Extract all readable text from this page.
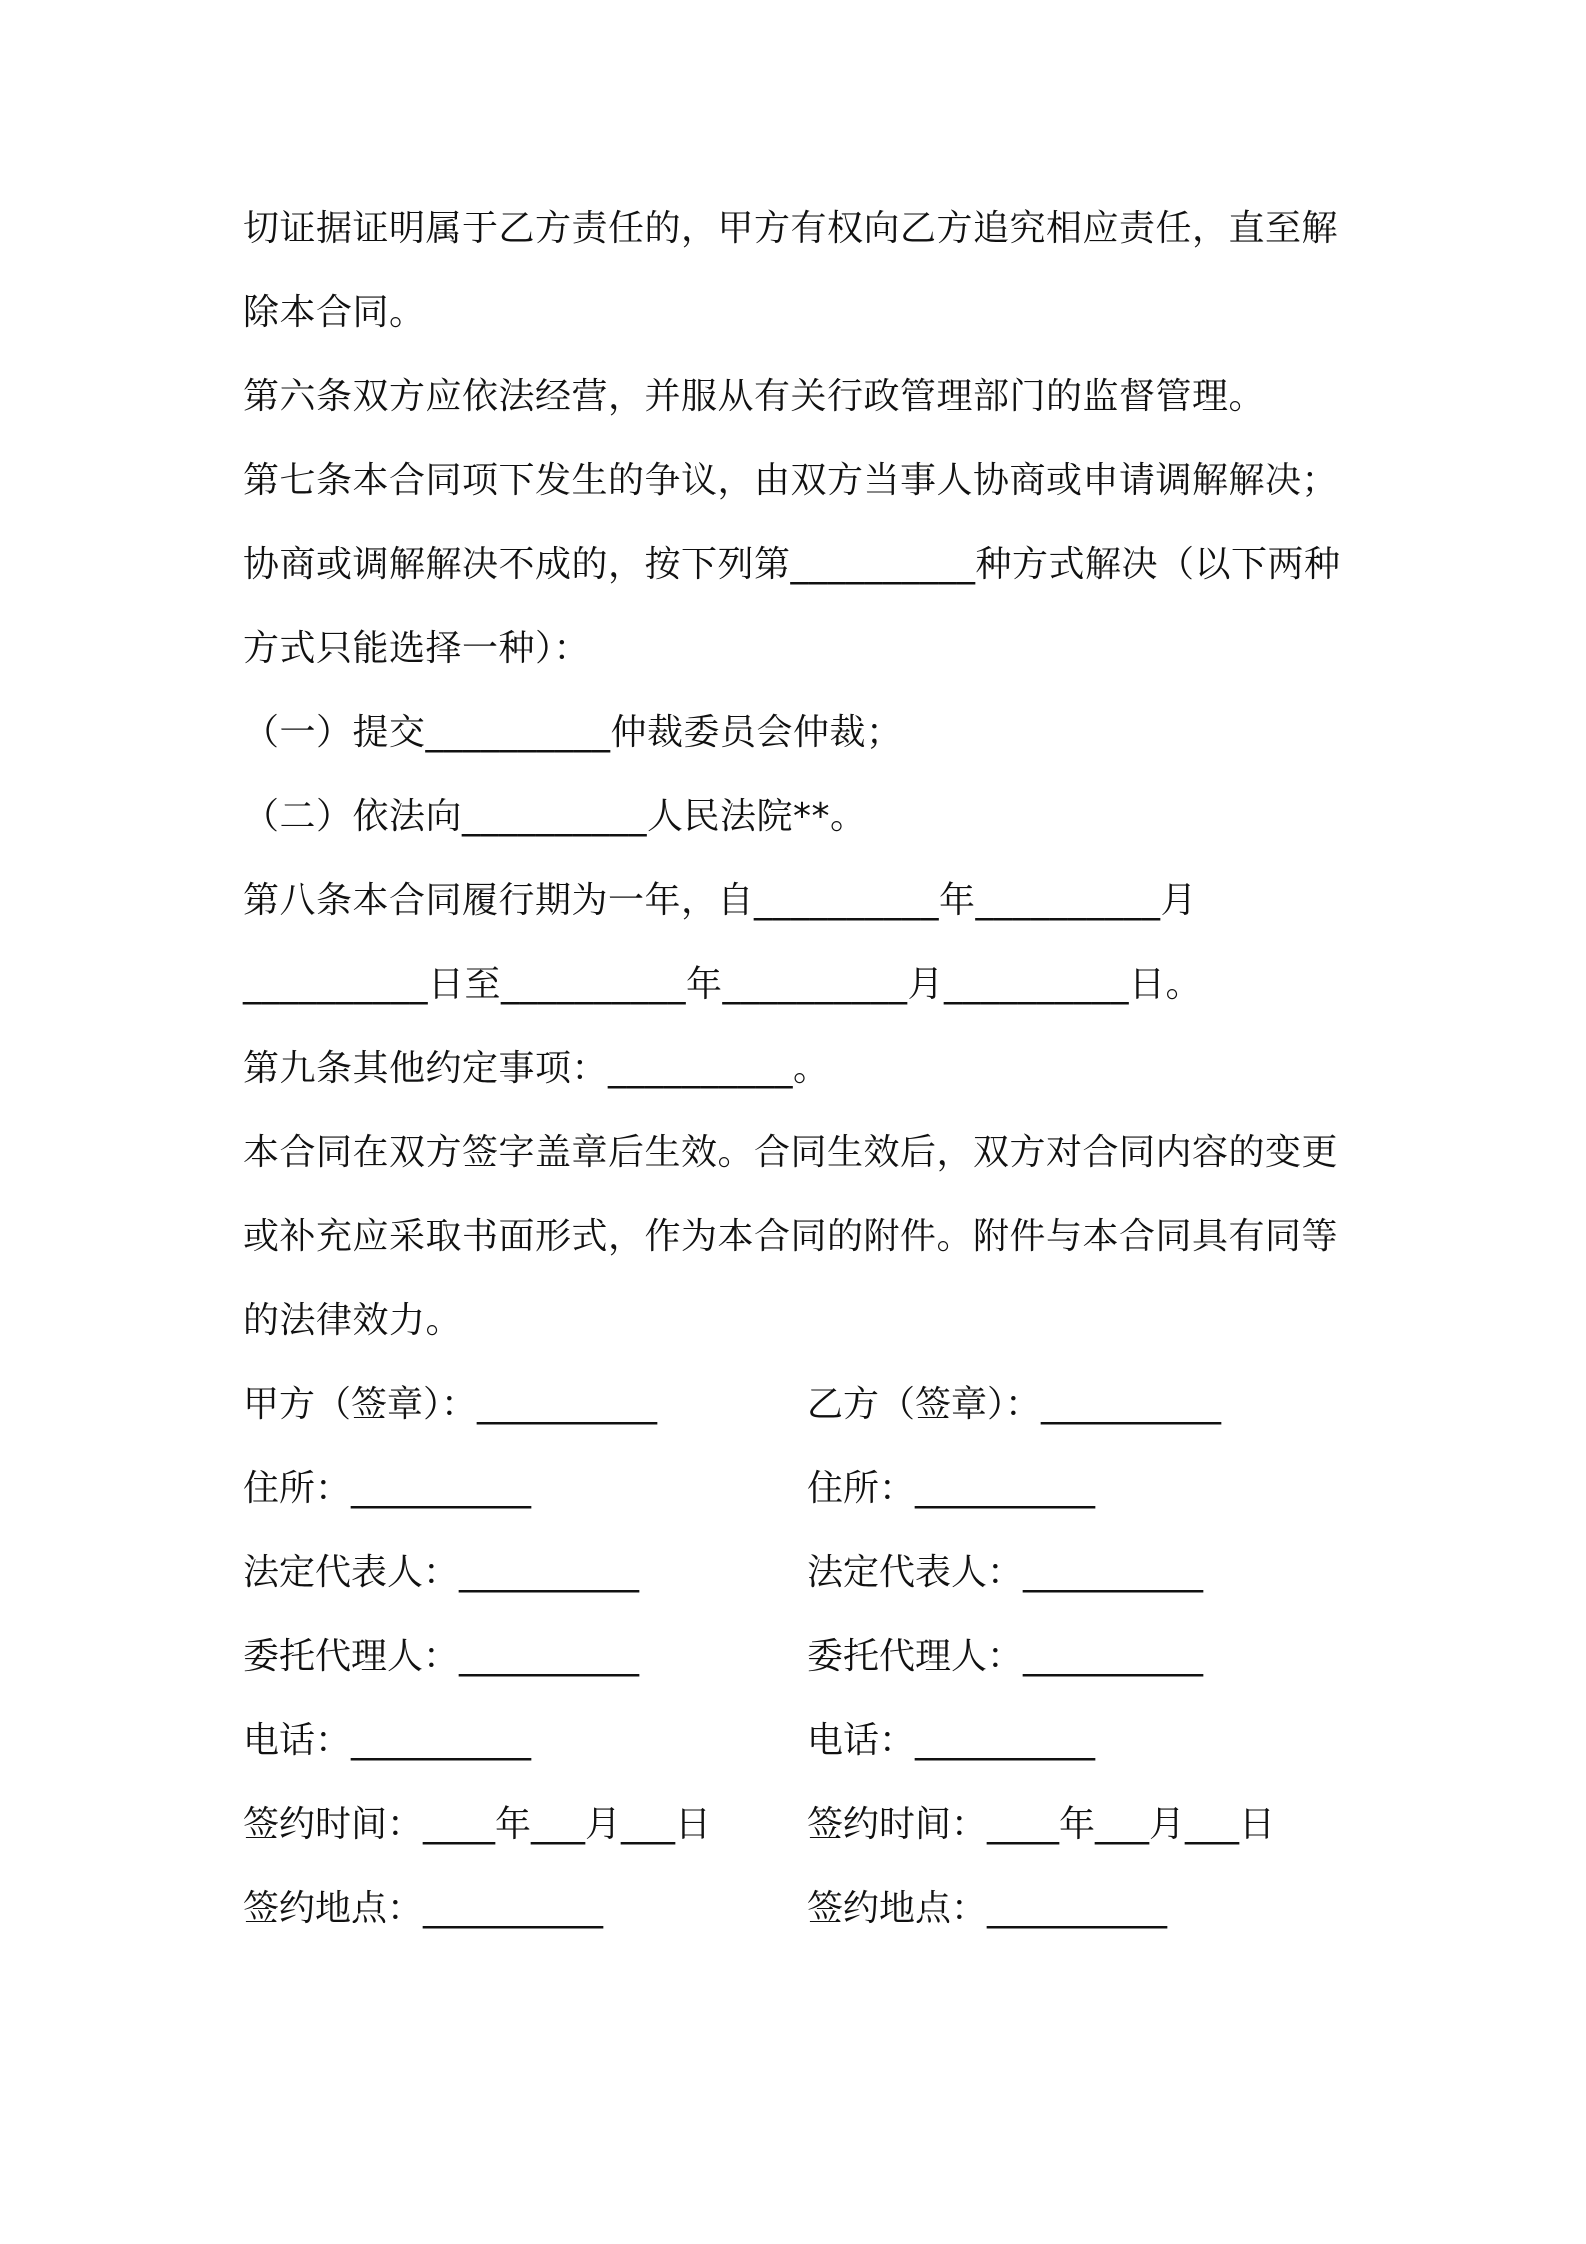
切证据证明属于乙方责任的，甲方有权向乙方追究相应责任，直至解
除本合同。
第六条双方应依法经营，并服从有关行政管理部门的监督管理。
第七条本合同项下发生的争议，由双方当事人协商或申请调解解决；
协商或调解解决不成的，按下列第__________种方式解决（以下两种
方式只能选择一种）：
（一）提交__________仲裁委员会仲裁；
（二）依法向__________人民法院**。
第八条本合同履行期为一年，自__________年__________月
__________日至__________年__________月__________日。
第九条其他约定事项：__________。
本合同在双方签字盖章后生效。合同生效后，双方对合同内容的变更
或补充应采取书面形式，作为本合同的附件。附件与本合同具有同等
的法律效力。
甲方（签章）：__________	乙方（签章）：__________
住所：__________	住所：__________
法定代表人：__________	法定代表人：__________
委托代理人：__________	委托代理人：__________
电话：__________	电话：__________
签约时间：____年___月___日	签约时间：____年___月___日
签约地点：__________	签约地点：__________
